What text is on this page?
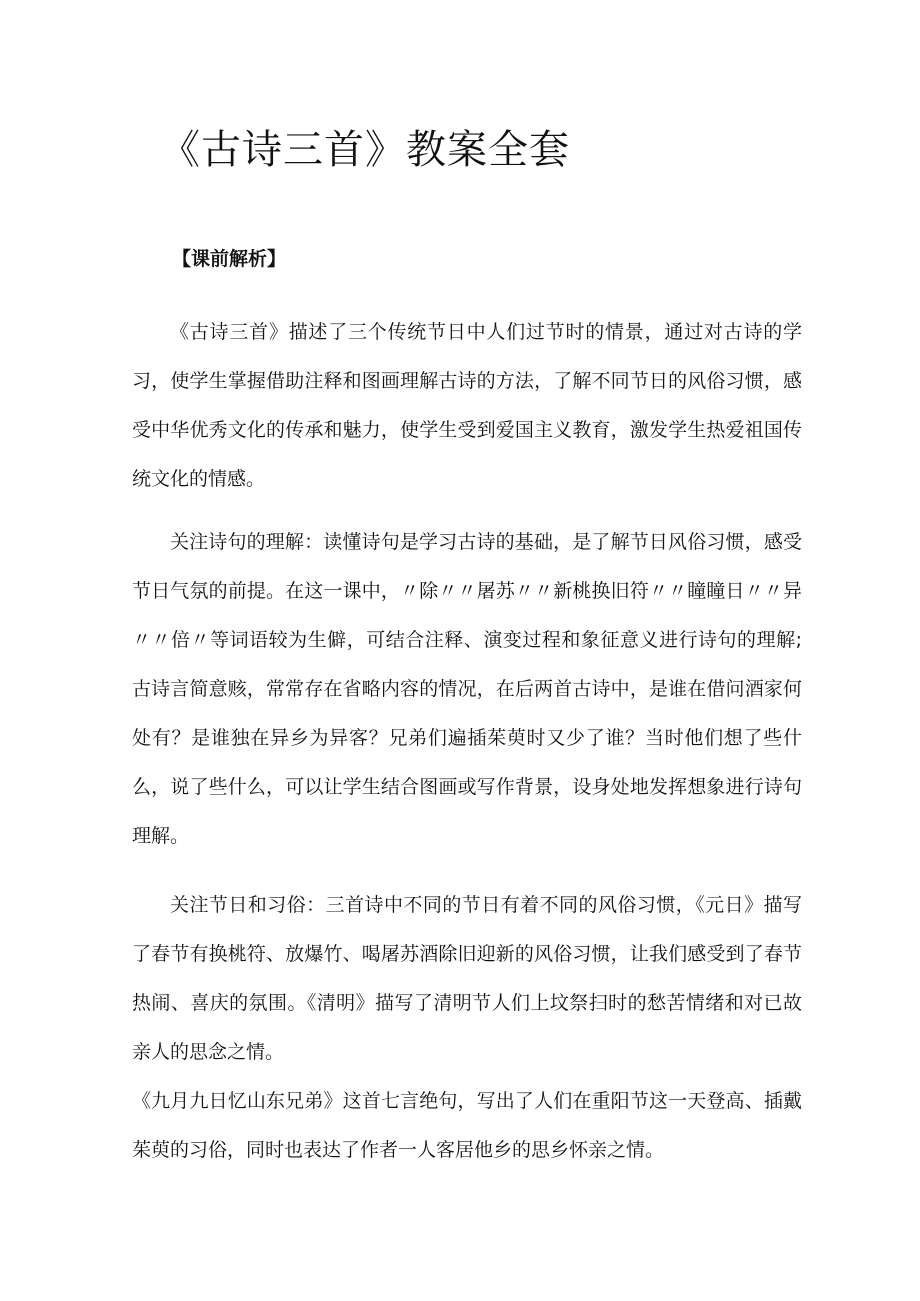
《古诗三首》教案全套
【课前解析】

《古诗三首》描述了三个传统节日中人们过节时的情景，通过对古诗的学习，使学生掌握借助注释和图画理解古诗的方法，了解不同节日的风俗习惯，感受中华优秀文化的传承和魅力，使学生受到爱国主义教育，激发学生热爱祖国传统文化的情感。

关注诗句的理解：读懂诗句是学习古诗的基础，是了解节日风俗习惯，感受节日气氛的前提。在这一课中，〃除〃〃屠苏〃〃新桃换旧符〃〃瞳瞳日〃〃异〃〃倍〃等词语较为生僻，可结合注释、演变过程和象征意义进行诗句的理解;古诗言简意赅，常常存在省略内容的情况，在后两首古诗中，是谁在借问酒家何处有？是谁独在异乡为异客？兄弟们遍插茱萸时又少了谁？当时他们想了些什么，说了些什么，可以让学生结合图画或写作背景，设身处地发挥想象进行诗句理解。

关注节日和习俗：三首诗中不同的节日有着不同的风俗习惯，《元日》描写了春节有换桃符、放爆竹、喝屠苏酒除旧迎新的风俗习惯，让我们感受到了春节热闹、喜庆的氛围。《清明》描写了清明节人们上坟祭扫时的愁苦情绪和对已故亲人的思念之情。

《九月九日忆山东兄弟》这首七言绝句，写出了人们在重阳节这一天登高、插戴茱萸的习俗，同时也表达了作者一人客居他乡的思乡怀亲之情。
